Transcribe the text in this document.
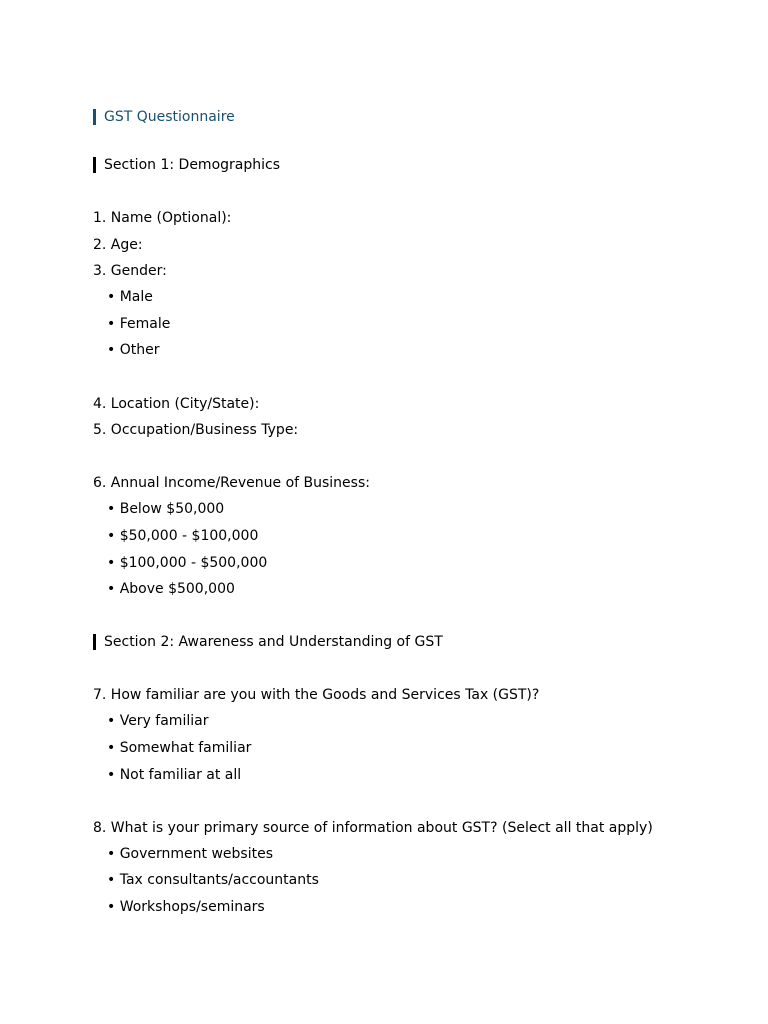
GST Questionnaire
Section 1: Demographics
1. Name (Optional):
2. Age:
3. Gender:
• Male
• Female
• Other
4. Location (City/State):
5. Occupation/Business Type:
6. Annual Income/Revenue of Business:
• Below $50,000
• $50,000 - $100,000
• $100,000 - $500,000
• Above $500,000
Section 2: Awareness and Understanding of GST
7. How familiar are you with the Goods and Services Tax (GST)?
• Very familiar
• Somewhat familiar
• Not familiar at all
8. What is your primary source of information about GST? (Select all that apply)
• Government websites
• Tax consultants/accountants
• Workshops/seminars
